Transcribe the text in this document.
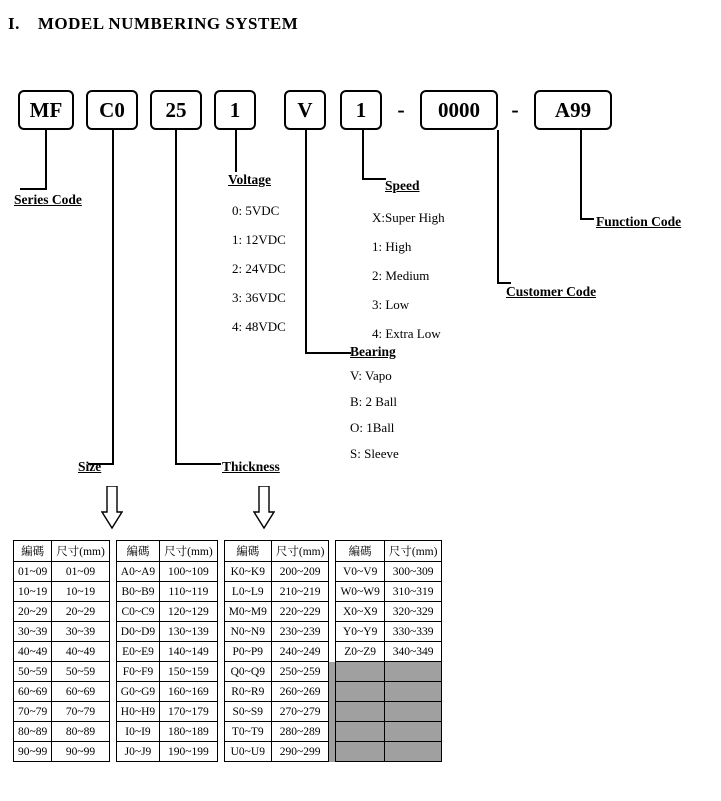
I. MODEL NUMBERING SYSTEM
MF C0 25 1	V 1	-	0000	-	A99
Series Code
Voltage	Speed
Function Code
Customer Code
Bearing
Size	Thickness
0: 5VDC
1: 12VDC
2: 24VDC
3: 36VDC
4: 48VDC
X:Super High
1: High
2: Medium
3: Low
4: Extra Low
V: Vapo
B: 2 Ball
O: 1Ball
S: Sleeve
編碼	尺寸(mm)		編碼	尺寸(mm)		編碼	尺寸(mm)		編碼	尺寸(mm)
01~09	01~09		A0~A9	100~109		K0~K9	200~209		V0~V9	300~309
10~19	10~19		B0~B9	110~119		L0~L9	210~219		W0~W9	310~319
20~29	20~29		C0~C9	120~129		M0~M9	220~229		X0~X9	320~329
30~39	30~39		D0~D9	130~139		N0~N9	230~239		Y0~Y9	330~339
40~49	40~49		E0~E9	140~149		P0~P9	240~249		Z0~Z9	340~349
50~59	50~59		F0~F9	150~159		Q0~Q9	250~259			
60~69	60~69		G0~G9	160~169		R0~R9	260~269			
70~79	70~79		H0~H9	170~179		S0~S9	270~279			
80~89	80~89		I0~I9	180~189		T0~T9	280~289			
90~99	90~99		J0~J9	190~199		U0~U9	290~299			
